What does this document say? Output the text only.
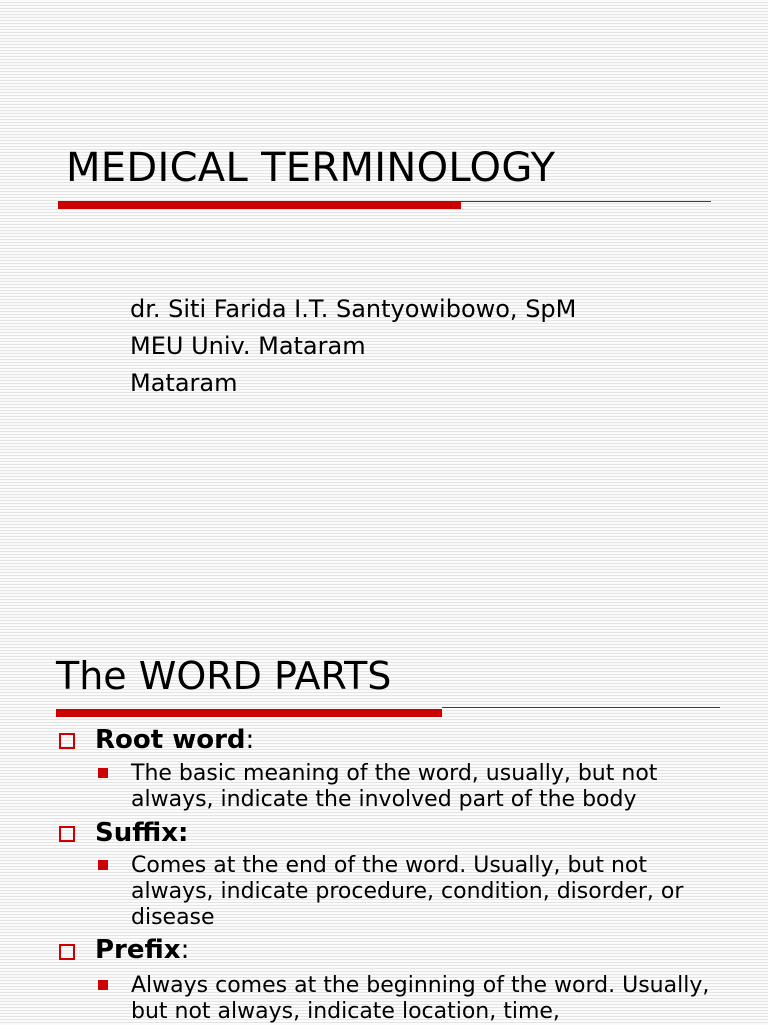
MEDICAL TERMINOLOGY
dr. Siti Farida I.T. Santyowibowo, SpM
MEU Univ. Mataram
Mataram
The WORD PARTS
Root word:
The basic meaning of the word, usually, but not always, indicate the involved part of the body
Suffix:
Comes at the end of the word. Usually, but not always, indicate procedure, condition, disorder, or disease
Prefix:
Always comes at the beginning of the word. Usually, but not always, indicate location, time,
